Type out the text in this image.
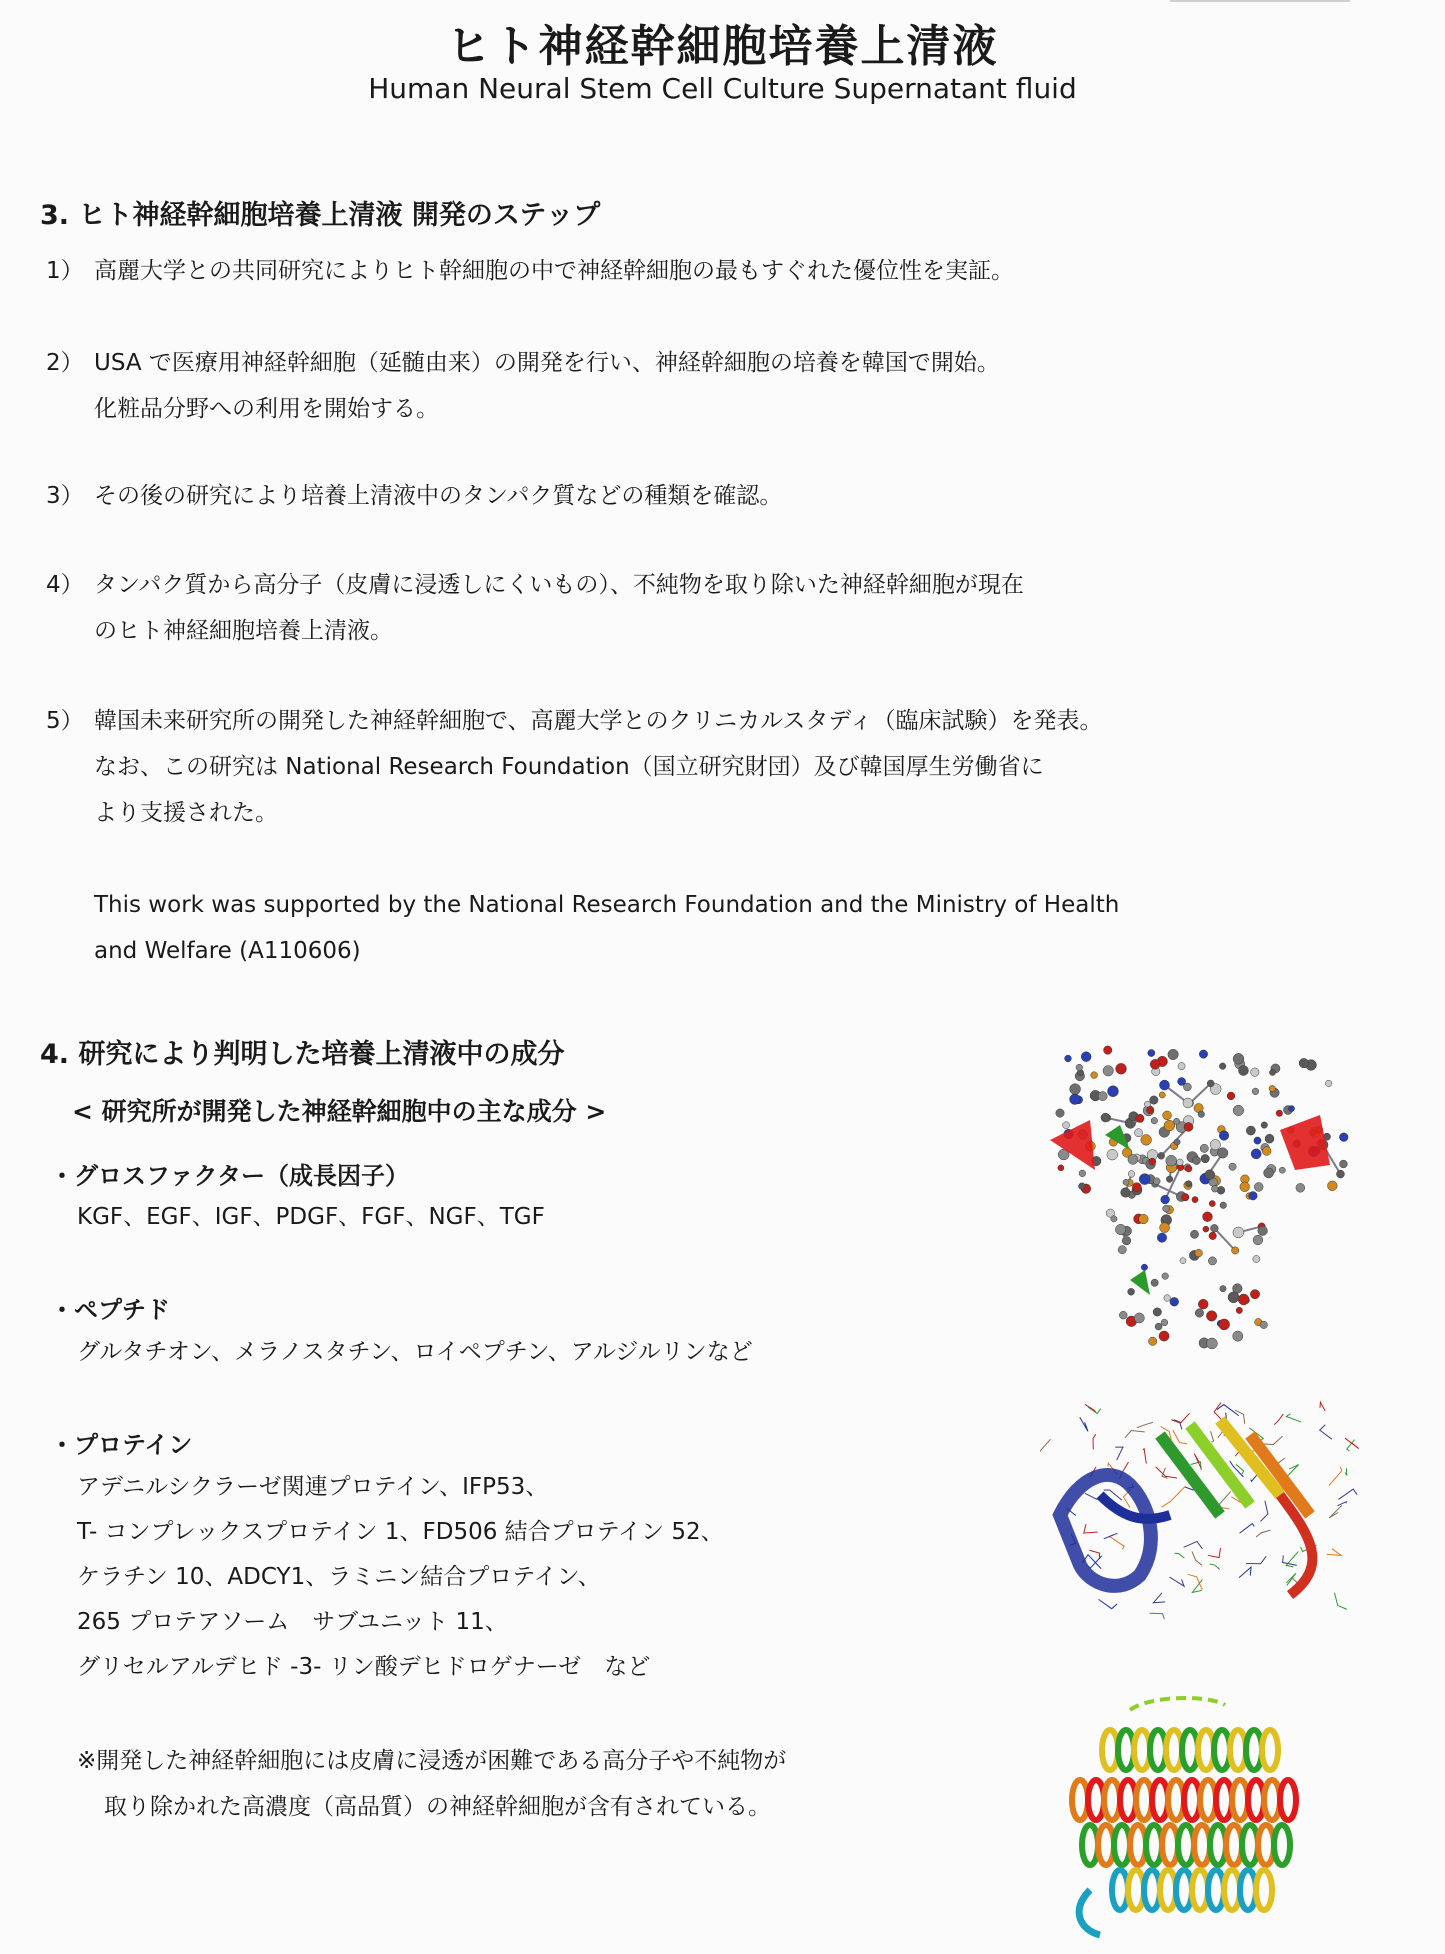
ヒト神経幹細胞培養上清液
Human Neural Stem Cell Culture Supernatant fluid
3. ヒト神経幹細胞培養上清液 開発のステップ
1） 高麗大学との共同研究によりヒト幹細胞の中で神経幹細胞の最もすぐれた優位性を実証。
2） USA で医療用神経幹細胞（延髄由来）の開発を行い、神経幹細胞の培養を韓国で開始。
化粧品分野への利用を開始する。
3） その後の研究により培養上清液中のタンパク質などの種類を確認。
4） タンパク質から高分子（皮膚に浸透しにくいもの）、不純物を取り除いた神経幹細胞が現在
のヒト神経細胞培養上清液。
5） 韓国未来研究所の開発した神経幹細胞で、高麗大学とのクリニカルスタディ（臨床試験）を発表。
なお、この研究は National Research Foundation（国立研究財団）及び韓国厚生労働省に
より支援された。
This work was supported by the National Research Foundation and the Ministry of Health
and Welfare (A110606)
4. 研究により判明した培養上清液中の成分
< 研究所が開発した神経幹細胞中の主な成分 >
・グロスファクター（成長因子）
KGF、EGF、IGF、PDGF、FGF、NGF、TGF
・ペプチド
グルタチオン、メラノスタチン、ロイペプチン、アルジルリンなど
・プロテイン
アデニルシクラーゼ関連プロテイン、IFP53、
T- コンプレックスプロテイン 1、FD506 結合プロテイン 52、
ケラチン 10、ADCY1、ラミニン結合プロテイン、
265 プロテアソーム　サブユニット 11、
グリセルアルデヒド -3- リン酸デヒドロゲナーゼ　など
※開発した神経幹細胞には皮膚に浸透が困難である高分子や不純物が
取り除かれた高濃度（高品質）の神経幹細胞が含有されている。
